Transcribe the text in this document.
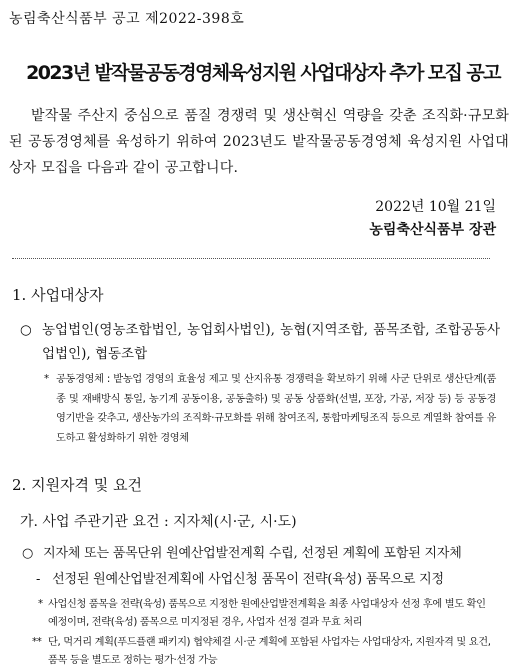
농림축산식품부 공고 제2022-398호
2023년 밭작물공동경영체육성지원 사업대상자 추가 모집 공고

밭작물 주산지 중심으로 품질 경쟁력 및 생산혁신 역량을 갖춘 조직화·규모화된 공동경영체를 육성하기 위하여 2023년도 밭작물공동경영체 육성지원 사업대상자 모집을 다음과 같이 공고합니다.

2022년 10월 21일
농림축산식품부 장관
1. 사업대상자
○ 농업법인(영농조합법인, 농업회사법인), 농협(지역조합, 품목조합, 조합공동사업법인), 협동조합
* 공동경영체 : 밭농업 경영의 효율성 제고 및 산지유통 경쟁력을 확보하기 위해 사군 단위로 생산단계(품종 및 재배방식 통일, 농기계 공동이용, 공동출하) 및 공동 상품화(선별, 포장, 가공, 저장 등) 등 공동경영기반을 갖추고, 생산농가의 조직화·규모화를 위해 참여조직, 통합마케팅조직 등으로 계열화 참여를 유도하고 활성화하기 위한 경영체
2. 지원자격 및 요건
가. 사업 주관기관 요건 : 지자체(시·군, 시·도)
○ 지자체 또는 품목단위 원예산업발전계획 수립, 선정된 계획에 포함된 지자체
- 선정된 원예산업발전계획에 사업신청 품목이 전략(육성) 품목으로 지정
* 사업신청 품목을 전략(육성) 품목으로 지정한 원예산업발전계획을 최종 사업대상자 선정 후에 별도 확인 예정이며, 전략(육성) 품목으로 미지정된 경우, 사업자 선정 결과 무효 처리
** 단, 먹거리 계획(푸드플랜 패키지) 협약체결 시·군 계획에 포함된 사업자는 사업대상자, 지원자격 및 요건, 품목 등을 별도로 정하는 평가·선정 가능
